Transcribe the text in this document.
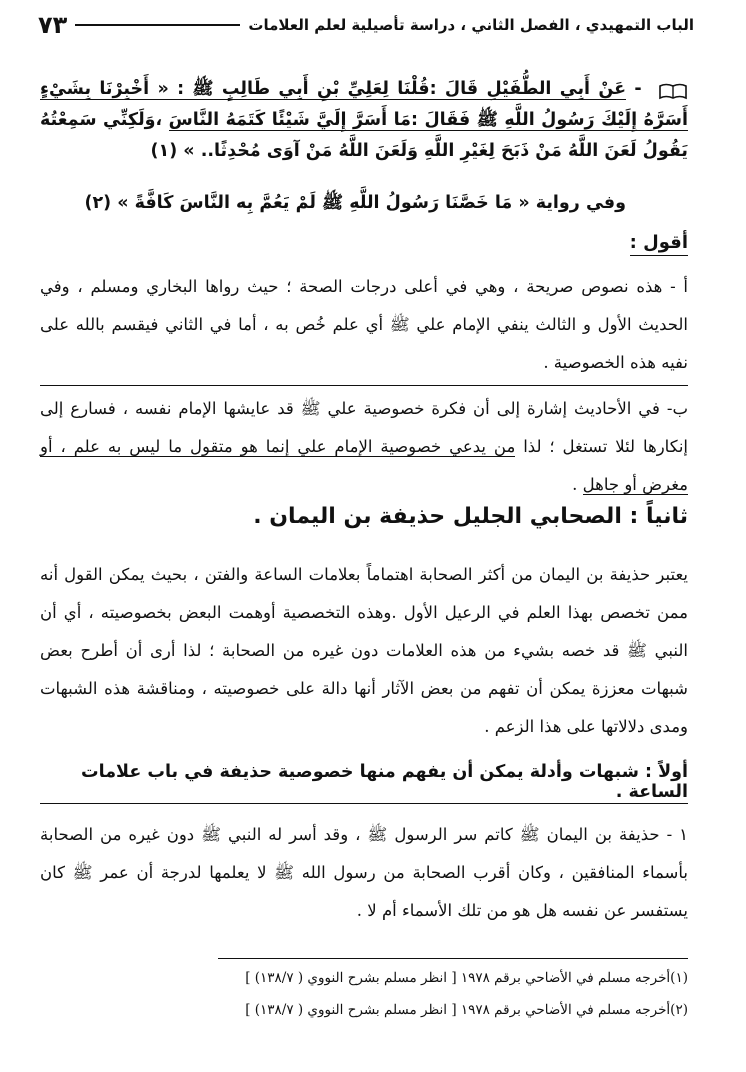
الباب التمهيدي ، الفصل الثاني ، دراسة تأصيلية لعلم العلامات
٧٣
- عَنْ أَبِي الطُّفَيْلِ قَالَ :قُلْنَا لِعَلِيِّ بْنِ أَبِي طَالِبٍ ﷺ : « أَخْبِرْنَا بِشَيْءٍ أَسَرَّهُ إِلَيْكَ رَسُولُ اللَّهِ ﷺ فَقَالَ :مَا أَسَرَّ إِلَيَّ شَيْئًا كَتَمَهُ النَّاسَ ،وَلَكِنِّي سَمِعْتُهُ يَقُولُ لَعَنَ اللَّهُ مَنْ ذَبَحَ لِغَيْرِ اللَّهِ وَلَعَنَ اللَّهُ مَنْ آوَى مُحْدِثًا.. » (١)
وفي رواية « مَا خَصَّنَا رَسُولُ اللَّهِ ﷺ لَمْ يَعُمَّ بِه النَّاسَ كَافَّةً » (٢)
أقول :
أ - هذه نصوص صريحة ، وهي في أعلى درجات الصحة ؛ حيث رواها البخاري ومسلم ، وفي الحديث الأول و الثالث ينفي الإمام علي ﷺ أي علم خُص به ، أما في الثاني فيقسم بالله على نفيه هذه الخصوصية .
ب- في الأحاديث إشارة إلى أن فكرة خصوصية علي ﷺ قد عايشها الإمام نفسه ، فسارع إلى إنكارها لئلا تستغل ؛ لذا من يدعي خصوصية الإمام علي إنما هو متقول ما ليس به علم ، أو مغرض أو جاهل .
ثانياً : الصحابي الجليل حذيفة بن اليمان .
يعتبر حذيفة بن اليمان من أكثر الصحابة اهتماماً بعلامات الساعة والفتن ، بحيث يمكن القول أنه ممن تخصص بهذا العلم في الرعيل الأول .وهذه التخصصية أوهمت البعض بخصوصيته ، أي أن النبي ﷺ قد خصه بشيء من هذه العلامات دون غيره من الصحابة ؛ لذا أرى أن أطرح بعض شبهات معززة يمكن أن تفهم من بعض الآثار أنها دالة على خصوصيته ، ومناقشة هذه الشبهات ومدى دلالاتها على هذا الزعم .
أولاً : شبهات وأدلة يمكن أن يفهم منها خصوصية حذيفة في باب علامات الساعة .
١ - حذيفة بن اليمان ﷺ كاتم سر الرسول ﷺ ، وقد أسر له النبي ﷺ دون غيره من الصحابة بأسماء المنافقين ، وكان أقرب الصحابة من رسول الله ﷺ لا يعلمها لدرجة أن عمر ﷺ كان يستفسر عن نفسه هل هو من تلك الأسماء أم لا .
(١)أخرجه مسلم في الأضاحي برقم ١٩٧٨ [ انظر مسلم بشرح النووي ( ١٣٨/٧) ]
(٢)أخرجه مسلم في الأضاحي برقم ١٩٧٨ [ انظر مسلم بشرح النووي ( ١٣٨/٧) ]
